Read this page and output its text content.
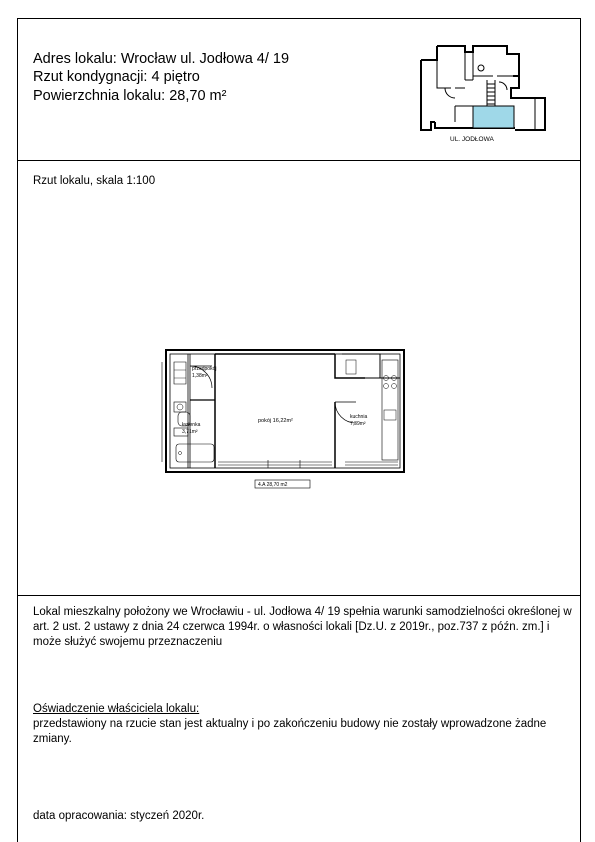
Adres lokalu: Wrocław ul. Jodłowa 4/ 19
Rzut kondygnacji: 4 piętro
Powierzchnia lokalu: 28,70 m²
UL. JODŁOWA
Rzut lokalu, skala 1:100
przedpokój
1,38m²
łazienka
3,71m²
pokój 16,22m²
kuchnia
7,39m²
4.A 28,70 m2

Lokal mieszkalny położony we Wrocławiu - ul. Jodłowa 4/ 19 spełnia warunki samodzielności określonej w art. 2 ust. 2 ustawy z dnia 24 czerwca 1994r. o własności lokali [Dz.U. z 2019r., poz.737 z późn. zm.] i może służyć swojemu przeznaczeniu

Oświadczenie właściciela lokalu:

przedstawiony na rzucie stan jest aktualny i po zakończeniu budowy nie zostały wprowadzone żadne zmiany.

data opracowania: styczeń 2020r.
